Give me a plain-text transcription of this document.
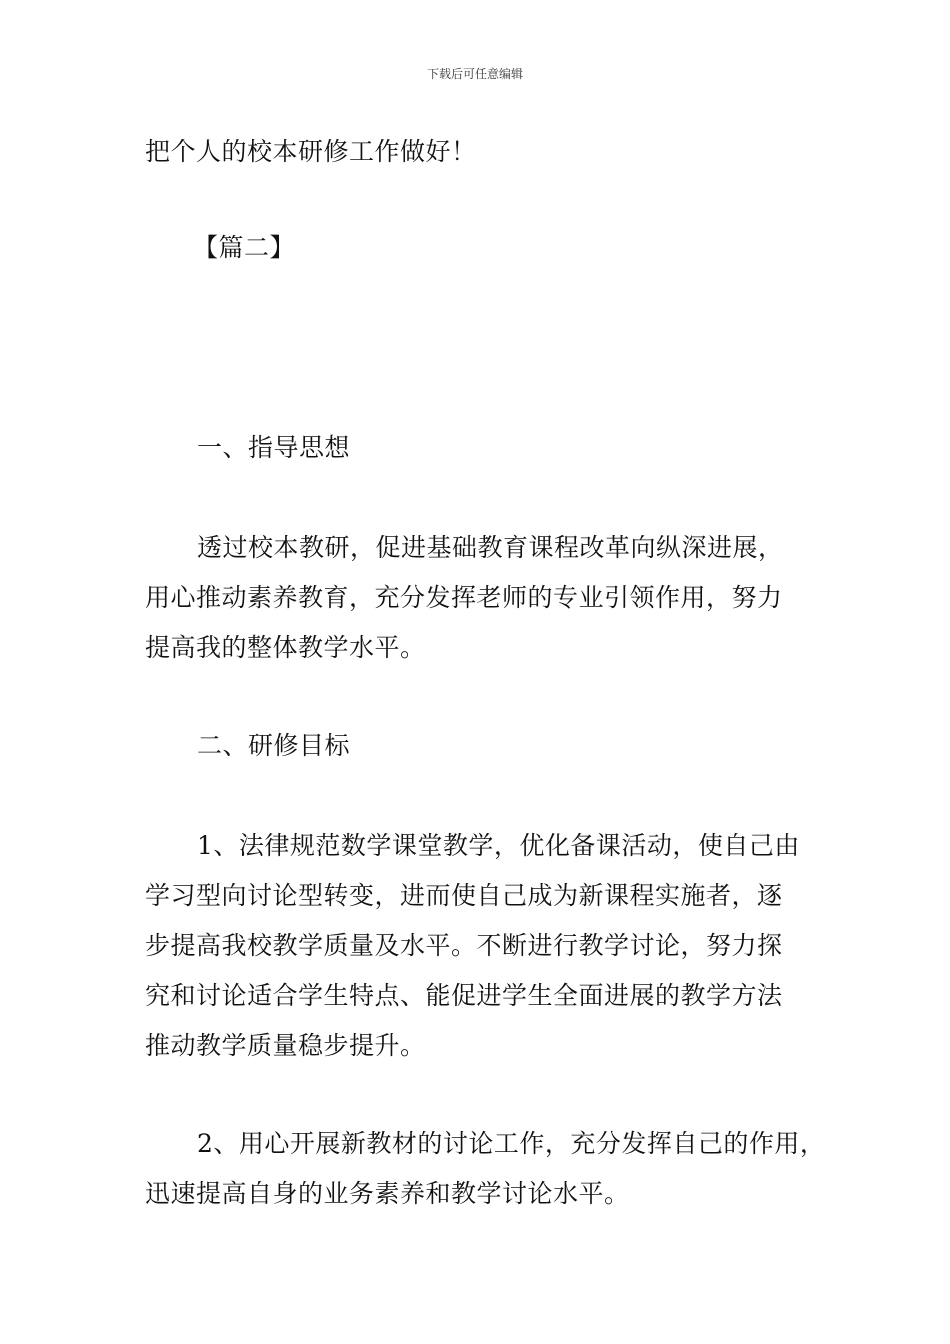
下载后可任意编辑
把个人的校本研修工作做好！
【篇二】
一、指导思想
透过校本教研，促进基础教育课程改革向纵深进展，
用心推动素养教育，充分发挥老师的专业引领作用，努力
提高我的整体教学水平。
二、研修目标
1、法律规范数学课堂教学，优化备课活动，使自己由
学习型向讨论型转变，进而使自己成为新课程实施者，逐
步提高我校教学质量及水平。不断进行教学讨论，努力探
究和讨论适合学生特点、能促进学生全面进展的教学方法
推动教学质量稳步提升。
2、用心开展新教材的讨论工作，充分发挥自己的作用，
迅速提高自身的业务素养和教学讨论水平。
